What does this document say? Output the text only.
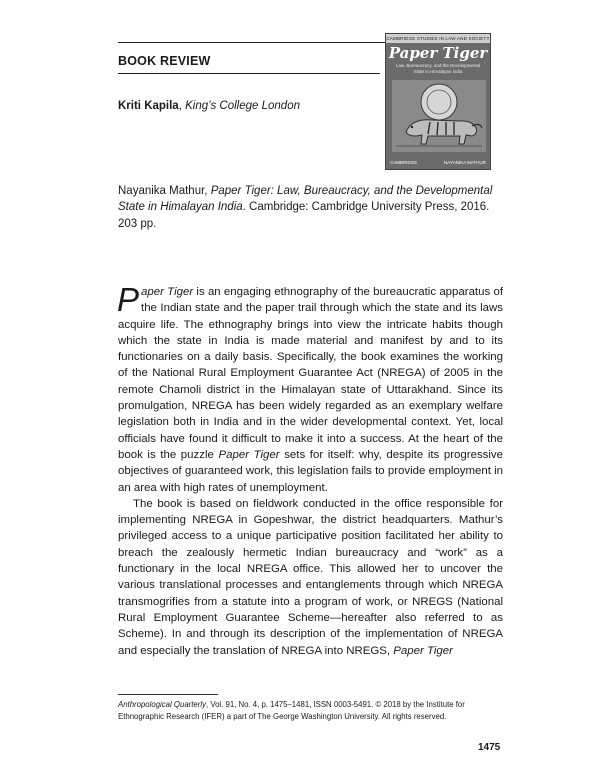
BOOK REVIEW

Kriti Kapila, King’s College London

CAMBRIDGE STUDIES IN LAW AND SOCIETY
Paper Tiger
Law, Bureaucracy, and the Developmental State in Himalayan India
CAMBRIDGE	NAYANIKA MATHUR

Nayanika Mathur, Paper Tiger: Law, Bureaucracy, and the Developmental State in Himalayan India. Cambridge: Cambridge University Press, 2016. 203 pp.

Paper Tiger is an engaging ethnography of the bureaucratic apparatus of the Indian state and the paper trail through which the state and its laws acquire life. The ethnography brings into view the intricate habits though which the state in India is made material and manifest by and to its functionaries on a daily basis. Specifically, the book examines the working of the National Rural Employment Guarantee Act (NREGA) of 2005 in the remote Chamoli district in the Himalayan state of Uttarakhand. Since its promulgation, NREGA has been widely regarded as an exemplary welfare legislation both in India and in the wider developmental context. Yet, local officials have found it difficult to make it into a success. At the heart of the book is the puzzle Paper Tiger sets for itself: why, despite its progressive objectives of guaranteed work, this legislation fails to provide employment in an area with high rates of unemployment.

The book is based on fieldwork conducted in the office responsible for implementing NREGA in Gopeshwar, the district headquarters. Mathur’s privileged access to a unique participative position facilitated her ability to breach the zealously hermetic Indian bureaucracy and “work” as a functionary in the local NREGA office. This allowed her to uncover the various translational processes and entanglements through which NREGA transmogrifies from a statute into a program of work, or NREGS (National Rural Employment Guarantee Scheme—hereafter also referred to as Scheme). In and through its description of the implementation of NREGA and especially the translation of NREGA into NREGS, Paper Tiger

Anthropological Quarterly, Vol. 91, No. 4, p. 1475–1481, ISSN 0003-5491. © 2018 by the Institute for Ethnographic Research (IFER) a part of The George Washington University. All rights reserved.

1475
